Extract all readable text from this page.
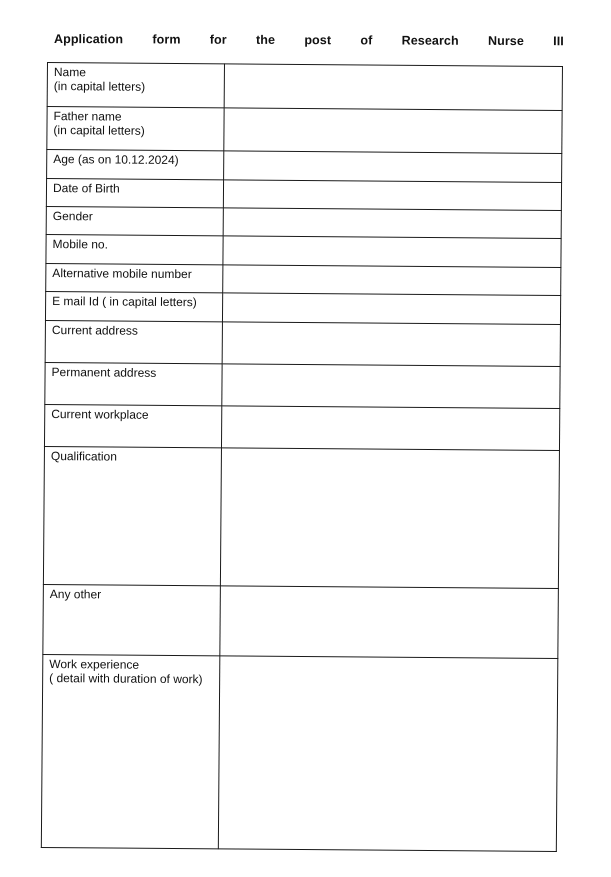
Application form for the post of Research Nurse III
Name
(in capital letters)	

Father name
(in capital letters)	

Age (as on 10.12.2024)	

Date of Birth	

Gender	

Mobile no.	

Alternative mobile number	

E mail Id ( in capital letters)	

Current address	

Permanent address	

Current workplace	

Qualification	

Any other	

Work experience
( detail with duration of work)	
